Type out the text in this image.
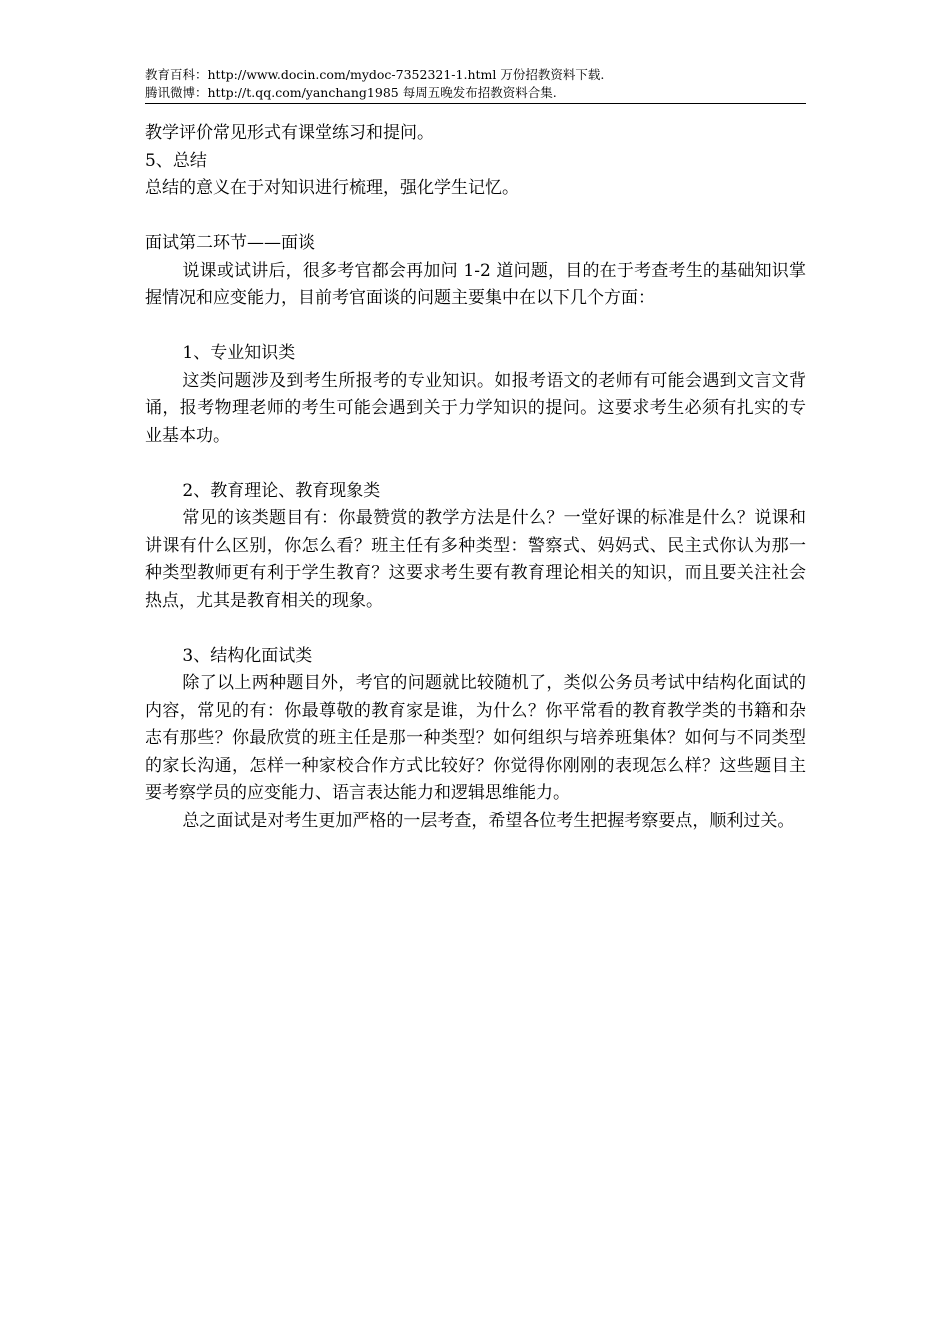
教育百科：http://www.docin.com/mydoc-7352321-1.html 万份招教资料下载.
腾讯微博：http://t.qq.com/yanchang1985 每周五晚发布招教资料合集.

教学评价常见形式有课堂练习和提问。

5、总结

总结的意义在于对知识进行梳理，强化学生记忆。

面试第二环节——面谈

说课或试讲后，很多考官都会再加问 1-2 道问题，目的在于考查考生的基础知识掌握情况和应变能力，目前考官面谈的问题主要集中在以下几个方面：

1、专业知识类

这类问题涉及到考生所报考的专业知识。如报考语文的老师有可能会遇到文言文背诵，报考物理老师的考生可能会遇到关于力学知识的提问。这要求考生必须有扎实的专业基本功。

2、教育理论、教育现象类

常见的该类题目有：你最赞赏的教学方法是什么？一堂好课的标准是什么？说课和讲课有什么区别，你怎么看？班主任有多种类型：警察式、妈妈式、民主式你认为那一种类型教师更有利于学生教育？这要求考生要有教育理论相关的知识，而且要关注社会热点，尤其是教育相关的现象。

3、结构化面试类

除了以上两种题目外，考官的问题就比较随机了，类似公务员考试中结构化面试的内容，常见的有：你最尊敬的教育家是谁，为什么？你平常看的教育教学类的书籍和杂志有那些？你最欣赏的班主任是那一种类型？如何组织与培养班集体？如何与不同类型的家长沟通，怎样一种家校合作方式比较好？你觉得你刚刚的表现怎么样？这些题目主要考察学员的应变能力、语言表达能力和逻辑思维能力。

总之面试是对考生更加严格的一层考查，希望各位考生把握考察要点，顺利过关。
